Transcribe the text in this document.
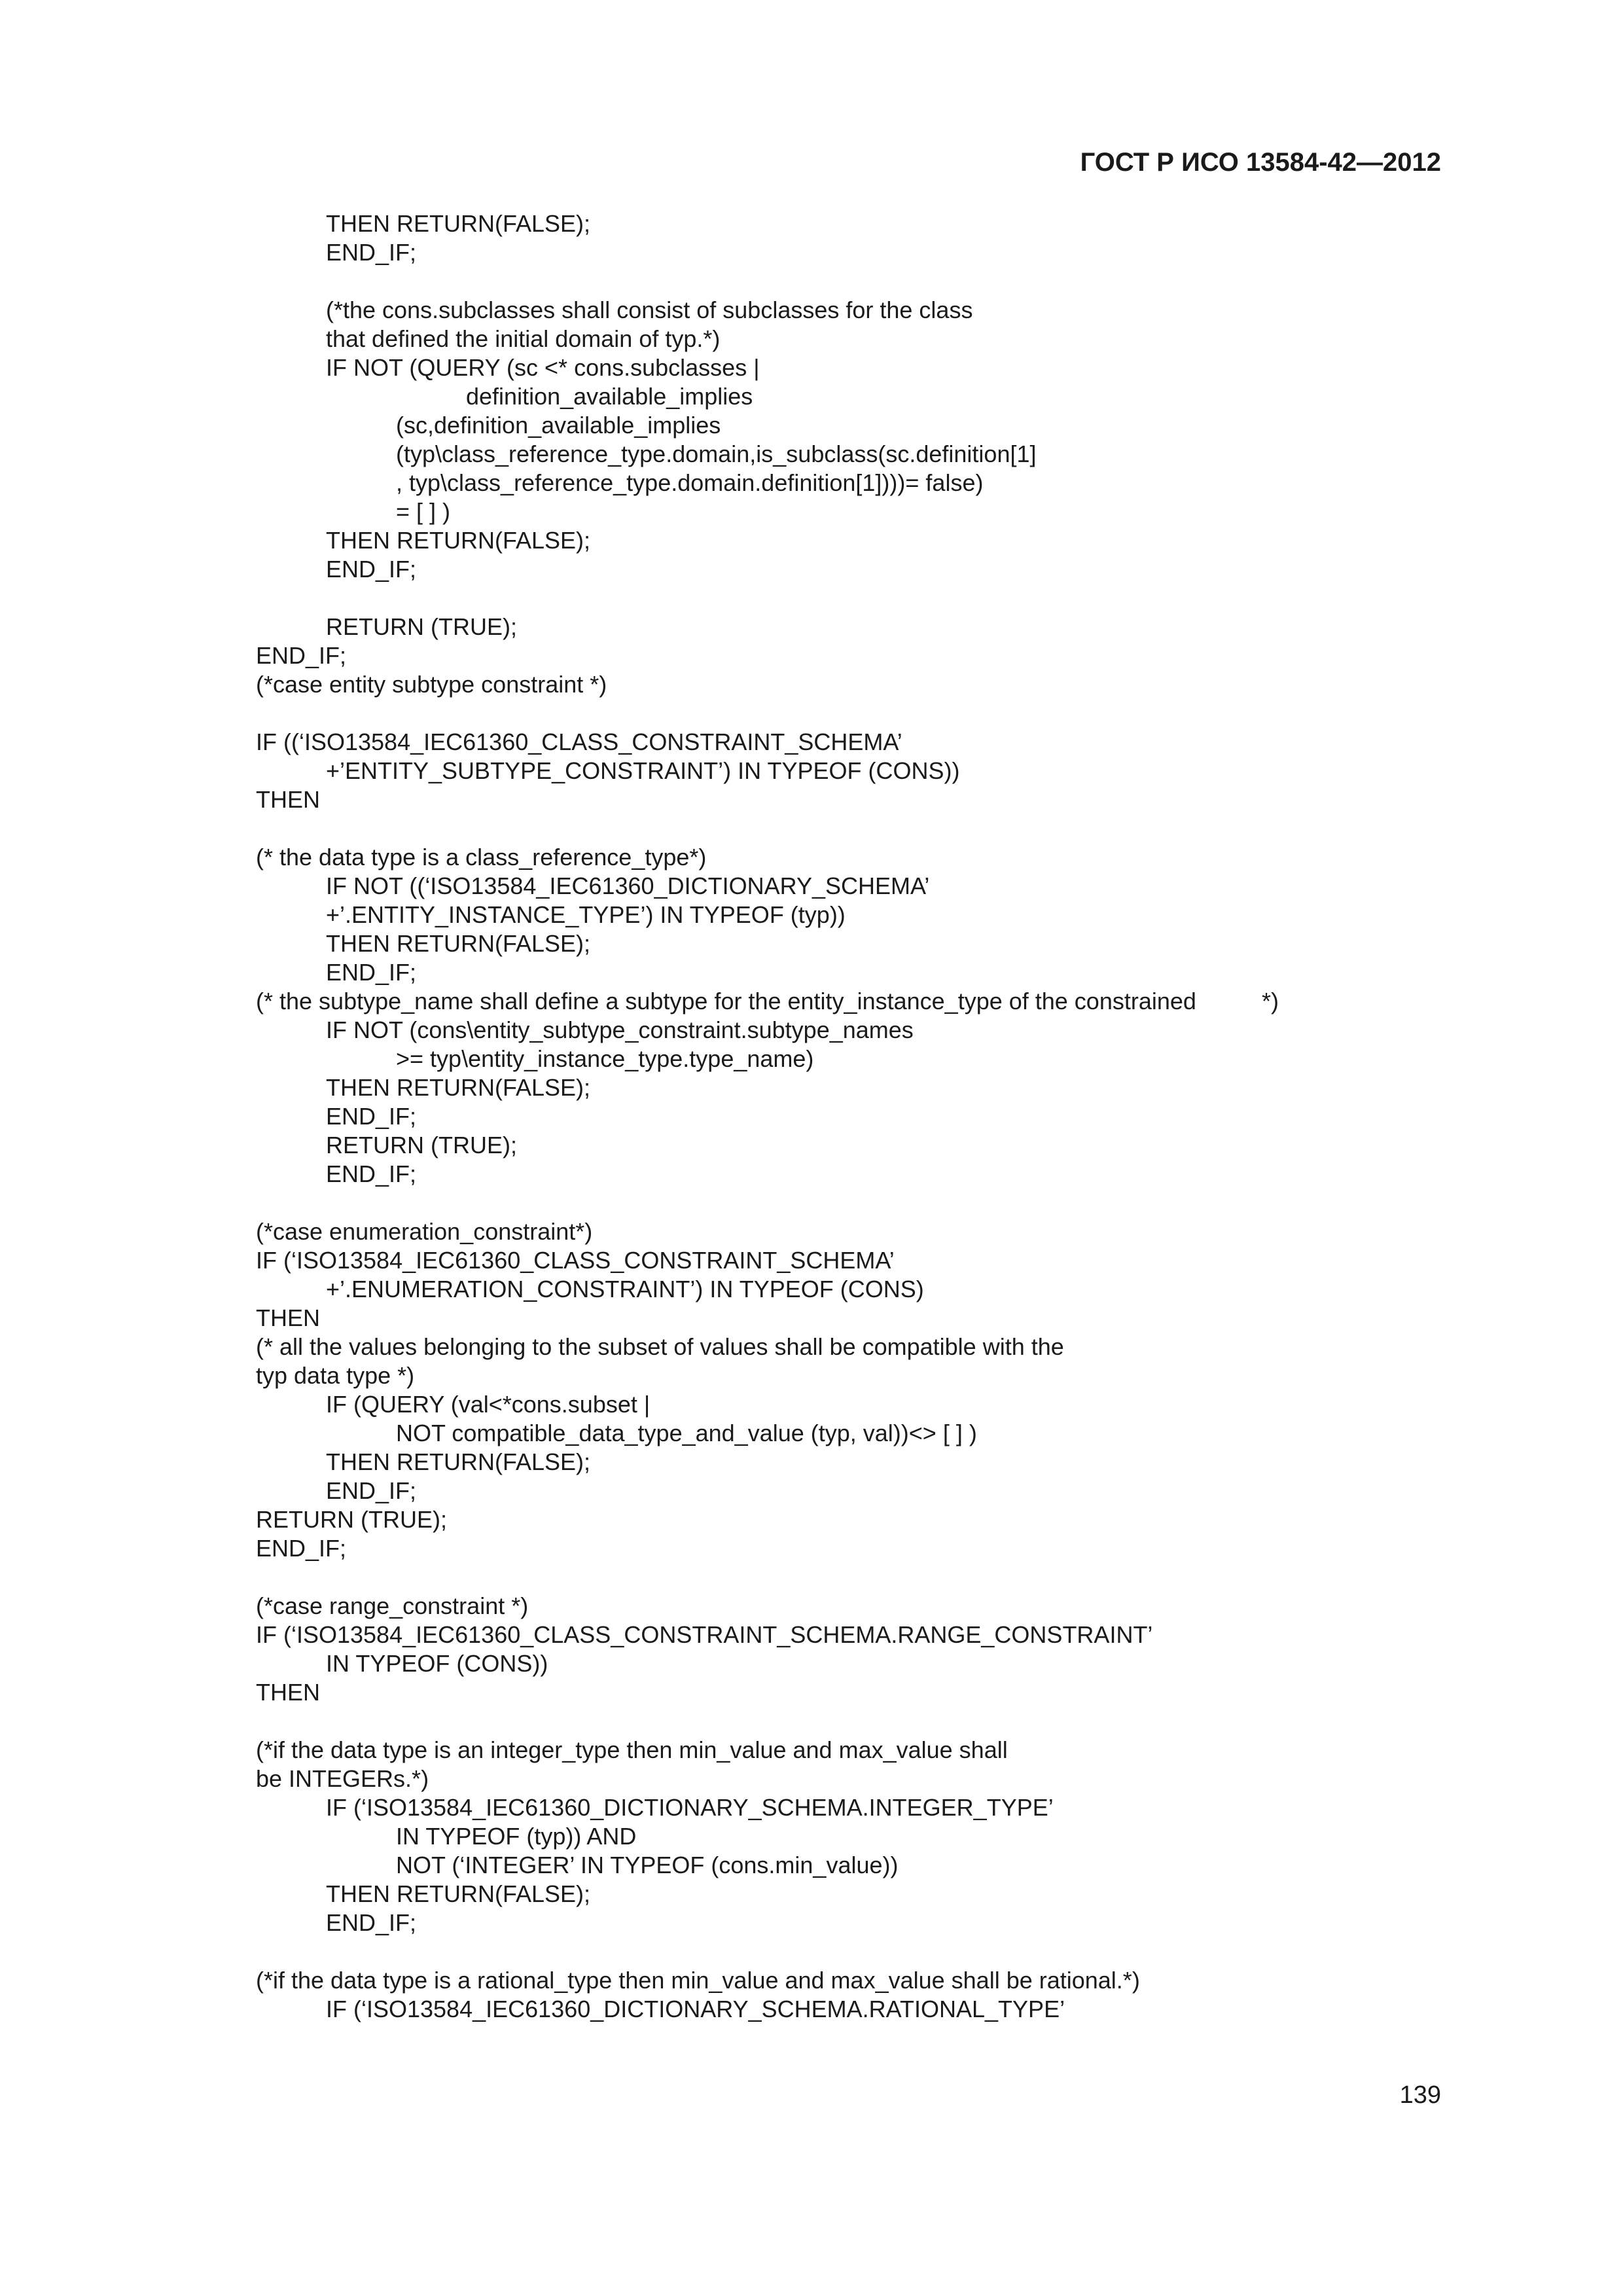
ГОСТ Р ИСО 13584-42—2012
THEN RETURN(FALSE);
END_IF;
(*the cons.subclasses shall consist of subclasses for the class
that defined the initial domain of typ.*)
IF NOT (QUERY (sc <* cons.subclasses |
definition_available_implies
(sc,definition_available_implies
(typ\class_reference_type.domain,is_subclass(sc.definition[1]
, typ\class_reference_type.domain.definition[1])))= false)
= [ ] )
THEN RETURN(FALSE);
END_IF;
RETURN (TRUE);
END_IF;
(*case entity subtype constraint *)
IF ((‘ISO13584_IEC61360_CLASS_CONSTRAINT_SCHEMA’
+’ENTITY_SUBTYPE_CONSTRAINT’) IN TYPEOF (CONS))
THEN
(* the data type is a class_reference_type*)
IF NOT ((‘ISO13584_IEC61360_DICTIONARY_SCHEMA’
+’.ENTITY_INSTANCE_TYPE’) IN TYPEOF (typ))
THEN RETURN(FALSE);
END_IF;
(* the subtype_name shall define a subtype for the entity_instance_type of the constrained          *)
IF NOT (cons\entity_subtype_constraint.subtype_names
>= typ\entity_instance_type.type_name)
THEN RETURN(FALSE);
END_IF;
RETURN (TRUE);
END_IF;
(*case enumeration_constraint*)
IF (‘ISO13584_IEC61360_CLASS_CONSTRAINT_SCHEMA’
+’.ENUMERATION_CONSTRAINT’) IN TYPEOF (CONS)
THEN
(* all the values belonging to the subset of values shall be compatible with the
typ data type *)
IF (QUERY (val<*cons.subset |
NOT compatible_data_type_and_value (typ, val))<> [ ] )
THEN RETURN(FALSE);
END_IF;
RETURN (TRUE);
END_IF;
(*case range_constraint *)
IF (‘ISO13584_IEC61360_CLASS_CONSTRAINT_SCHEMA.RANGE_CONSTRAINT’
IN TYPEOF (CONS))
THEN
(*if the data type is an integer_type then min_value and max_value shall
be INTEGERs.*)
IF (‘ISO13584_IEC61360_DICTIONARY_SCHEMA.INTEGER_TYPE’
IN TYPEOF (typ)) AND
NOT (‘INTEGER’ IN TYPEOF (cons.min_value))
THEN RETURN(FALSE);
END_IF;
(*if the data type is a rational_type then min_value and max_value shall be rational.*)
IF (‘ISO13584_IEC61360_DICTIONARY_SCHEMA.RATIONAL_TYPE’
139
